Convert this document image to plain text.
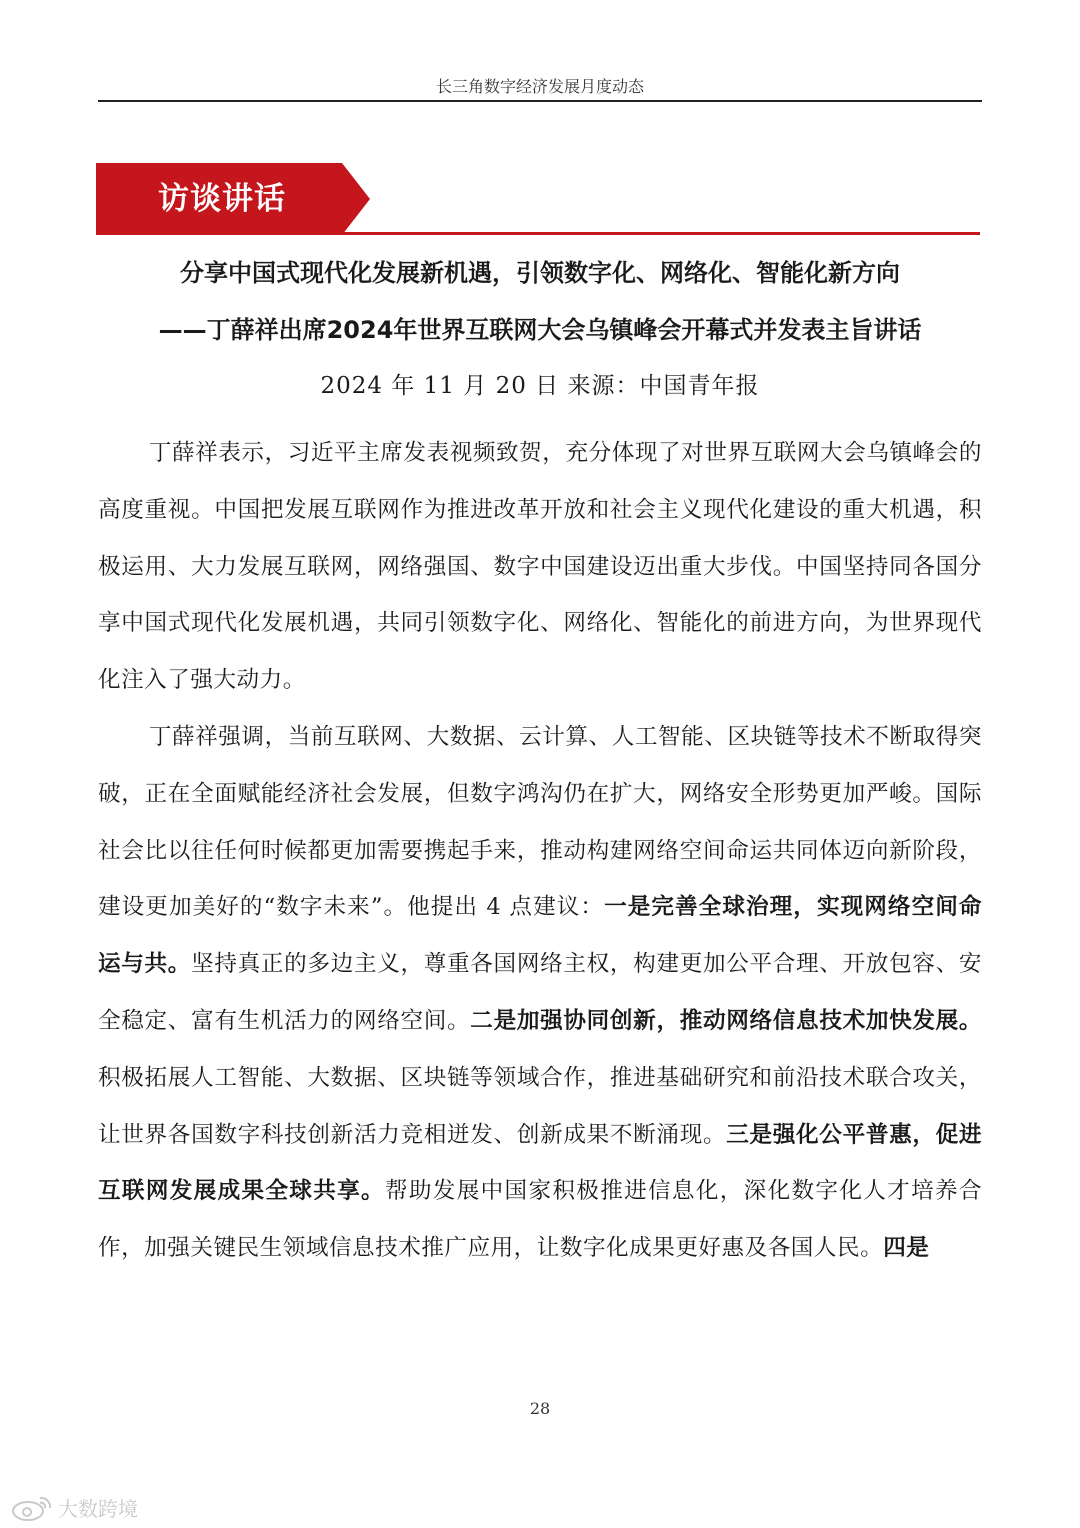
长三角数字经济发展月度动态
访谈讲话
分享中国式现代化发展新机遇，引领数字化、网络化、智能化新方向
——丁薛祥出席2024年世界互联网大会乌镇峰会开幕式并发表主旨讲话
2024 年 11 月 20 日 来源：中国青年报

丁薛祥表示，习近平主席发表视频致贺，充分体现了对世界互联网大会乌镇峰会的高度重视。中国把发展互联网作为推进改革开放和社会主义现代化建设的重大机遇，积极运用、大力发展互联网，网络强国、数字中国建设迈出重大步伐。中国坚持同各国分享中国式现代化发展机遇，共同引领数字化、网络化、智能化的前进方向，为世界现代化注入了强大动力。

丁薛祥强调，当前互联网、大数据、云计算、人工智能、区块链等技术不断取得突破，正在全面赋能经济社会发展，但数字鸿沟仍在扩大，网络安全形势更加严峻。国际社会比以往任何时候都更加需要携起手来，推动构建网络空间命运共同体迈向新阶段，建设更加美好的“数字未来”。他提出 4 点建议：一是完善全球治理，实现网络空间命运与共。坚持真正的多边主义，尊重各国网络主权，构建更加公平合理、开放包容、安全稳定、富有生机活力的网络空间。二是加强协同创新，推动网络信息技术加快发展。积极拓展人工智能、大数据、区块链等领域合作，推进基础研究和前沿技术联合攻关，让世界各国数字科技创新活力竞相迸发、创新成果不断涌现。三是强化公平普惠，促进互联网发展成果全球共享。帮助发展中国家积极推进信息化，深化数字化人才培养合作，加强关键民生领域信息技术推广应用，让数字化成果更好惠及各国人民。四是

28
大数跨境
